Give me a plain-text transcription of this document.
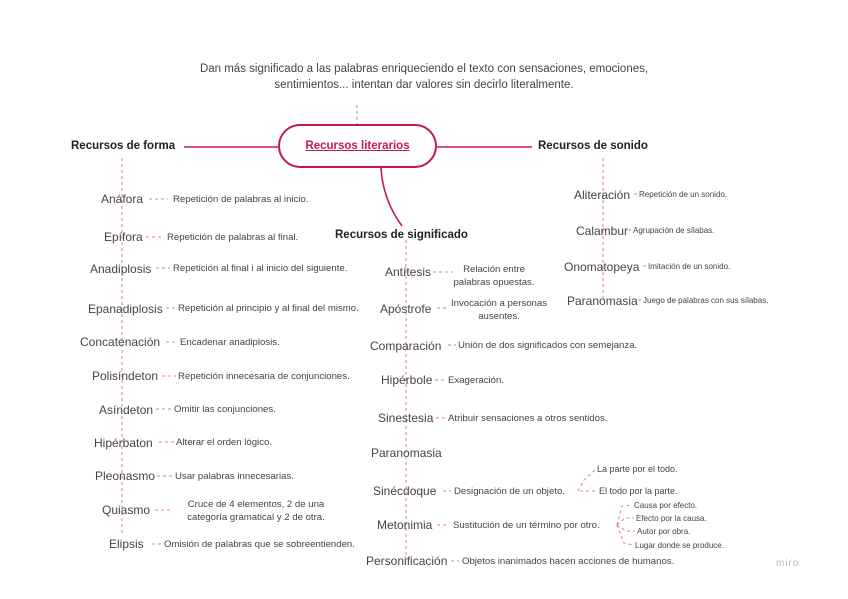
Dan más significado a las palabras enriqueciendo el texto con sensaciones, emociones,
sentimientos... intentan dar valores sin decirlo literalmente.
Recursos literarios
Recursos de forma	Recursos de sonido
Recursos de significado
Anáfora	Repetición de palabras al inicio.
Epífora	Repetición de palabras al final.
Anadiplosis Repetición al final i al inicio del siguiente.
Epanadiplosis Repetición al principio y al final del mismo.
Concatenación Encadenar anadiplosis.
Polisíndeton Repetición innecesaria de conjunciones.
Asíndeton Omitir las conjunciones.
Hipérbaton Alterar el orden lógico.
Pleonasmo Usar palabras innecesarias.
Quiasmo	Cruce de 4 elementos, 2 de una
categoría gramatical y 2 de otra.
Elipsis Omisión de palabras que se sobreentienden.
Aliteración Repetición de un sonido.
Calambur Agrupación de sílabas.
Onomatopeya Imitación de un sonido.
Paranomasia Juego de palabras con sus sílabas.
Antítesis	Relación entre
palabras opuestas.
Apóstrofe Invocación a personas
ausentes.
Comparación Unión de dos significados con semejanza.
Hipérbole Exageración.
Sinestesia Atribuir sensaciones a otros sentidos.
Paranomasia
Sinécdoque Designación de un objeto.
La parte por el todo.
El todo por la parte.
Metonimia Sustitución de un término por otro.
Causa por efecto.
Efecto por la causa.
Autor por obra.
Lugar donde se produce.
Personificación Objetos inanimados hacen acciones de humanos.	miro
